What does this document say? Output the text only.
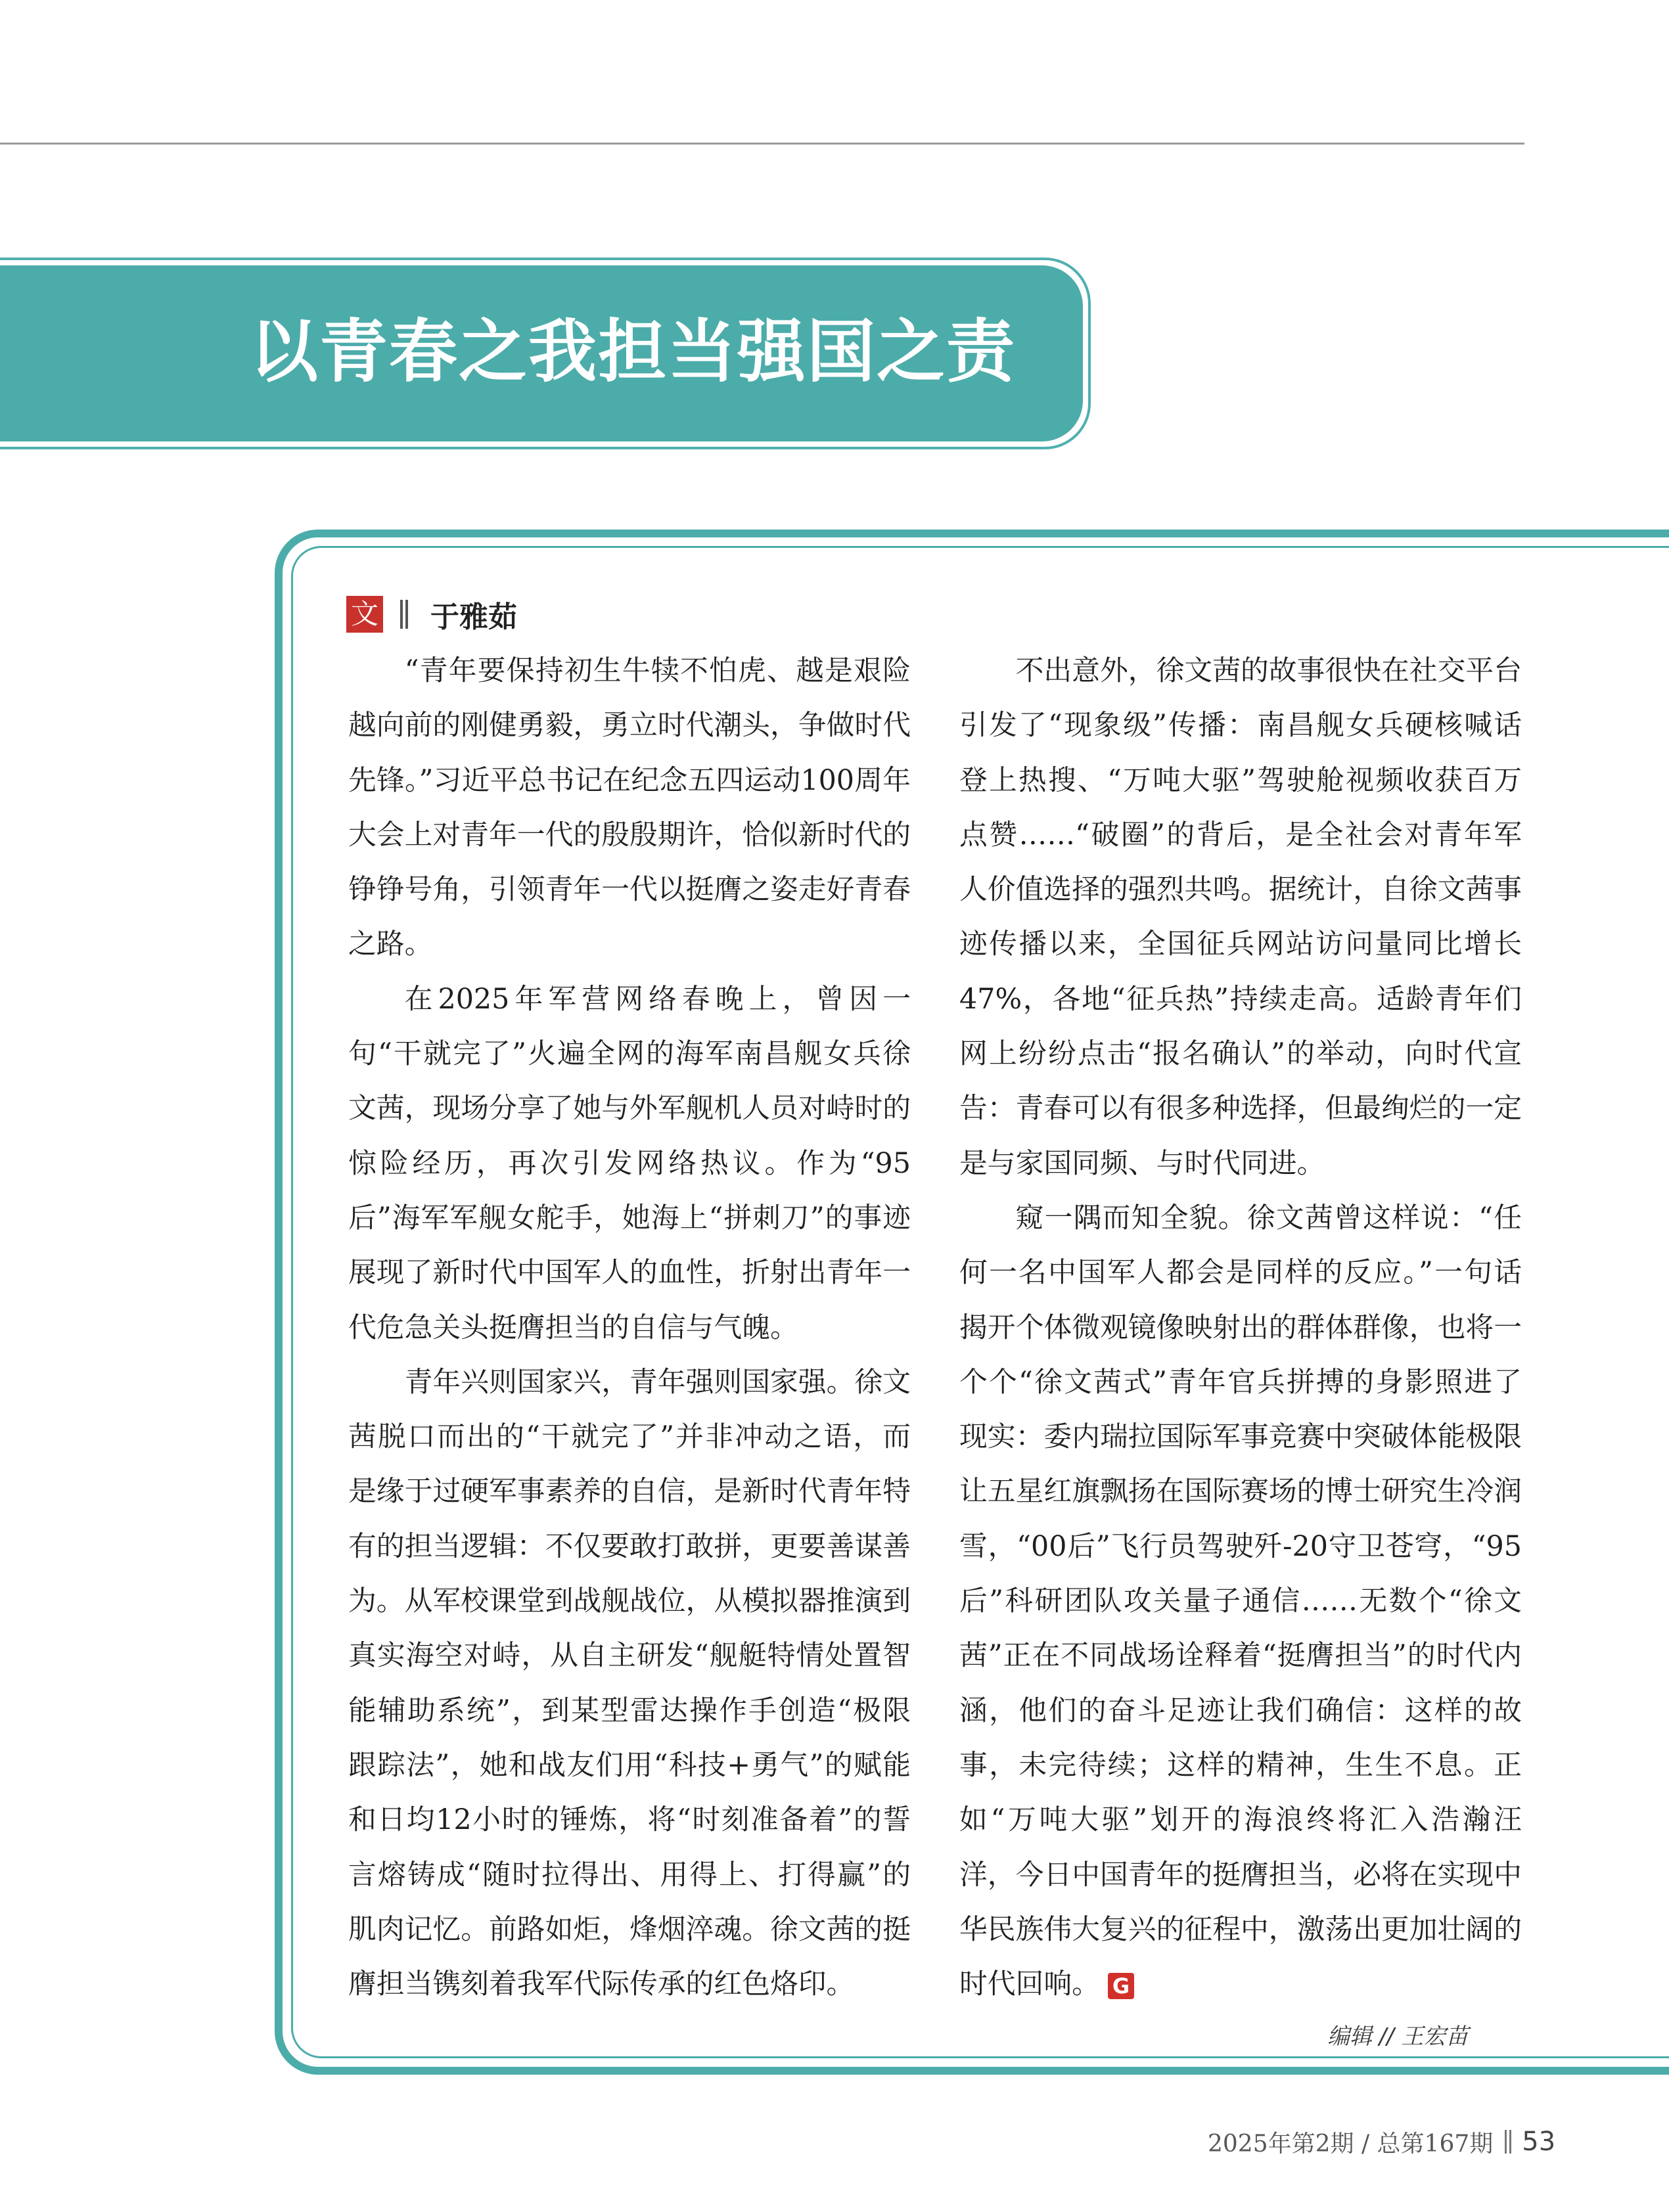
以青春之我担当强国之责
文 于雅茹

“青年要保持初生牛犊不怕虎、越是艰险越向前的刚健勇毅，勇立时代潮头，争做时代先锋。”习近平总书记在纪念五四运动100周年大会上对青年一代的殷殷期许，恰似新时代的铮铮号角，引领青年一代以挺膺之姿走好青春之路。

在2025年军营网络春晚上，曾因一句“干就完了”火遍全网的海军南昌舰女兵徐文茜，现场分享了她与外军舰机人员对峙时的惊险经历，再次引发网络热议。作为“95后”海军军舰女舵手，她海上“拼刺刀”的事迹展现了新时代中国军人的血性，折射出青年一代危急关头挺膺担当的自信与气魄。

青年兴则国家兴，青年强则国家强。徐文茜脱口而出的“干就完了”并非冲动之语，而是缘于过硬军事素养的自信，是新时代青年特有的担当逻辑：不仅要敢打敢拼，更要善谋善为。从军校课堂到战舰战位，从模拟器推演到真实海空对峙，从自主研发“舰艇特情处置智能辅助系统”，到某型雷达操作手创造“极限跟踪法”，她和战友们用“科技+勇气”的赋能和日均12小时的锤炼，将“时刻准备着”的誓言熔铸成“随时拉得出、用得上、打得赢”的肌肉记忆。前路如炬，烽烟淬魂。徐文茜的挺膺担当镌刻着我军代际传承的红色烙印。

不出意外，徐文茜的故事很快在社交平台引发了“现象级”传播：南昌舰女兵硬核喊话登上热搜、“万吨大驱”驾驶舱视频收获百万点赞……“破圈”的背后，是全社会对青年军人价值选择的强烈共鸣。据统计，自徐文茜事迹传播以来，全国征兵网站访问量同比增长47%，各地“征兵热”持续走高。适龄青年们网上纷纷点击“报名确认”的举动，向时代宣告：青春可以有很多种选择，但最绚烂的一定是与家国同频、与时代同进。

窥一隅而知全貌。徐文茜曾这样说：“任何一名中国军人都会是同样的反应。”一句话揭开个体微观镜像映射出的群体群像，也将一个个“徐文茜式”青年官兵拼搏的身影照进了现实：委内瑞拉国际军事竞赛中突破体能极限让五星红旗飘扬在国际赛场的博士研究生冷润雪，“00后”飞行员驾驶歼-20守卫苍穹，“95后”科研团队攻关量子通信……无数个“徐文茜”正在不同战场诠释着“挺膺担当”的时代内涵，他们的奋斗足迹让我们确信：这样的故事，未完待续；这样的精神，生生不息。正如“万吨大驱”划开的海浪终将汇入浩瀚汪洋，今日中国青年的挺膺担当，必将在实现中华民族伟大复兴的征程中，激荡出更加壮阔的时代回响。 G

编辑 // 王宏苗
2025年第2期 / 总第167期 53
